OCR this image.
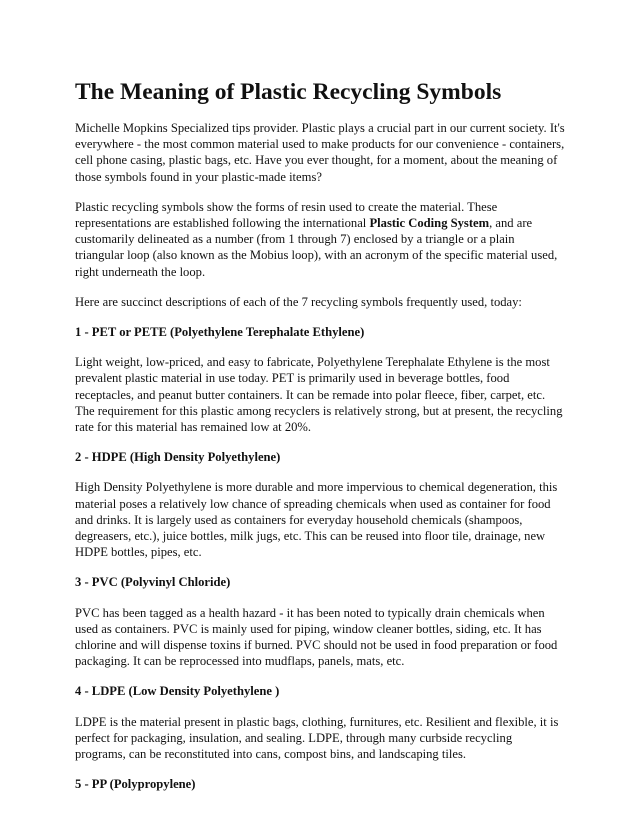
The Meaning of Plastic Recycling Symbols

Michelle Mopkins Specialized tips provider. Plastic plays a crucial part in our current society. It's everywhere - the most common material used to make products for our convenience - containers, cell phone casing, plastic bags, etc. Have you ever thought, for a moment, about the meaning of those symbols found in your plastic-made items?

Plastic recycling symbols show the forms of resin used to create the material. These representations are established following the international Plastic Coding System, and are customarily delineated as a number (from 1 through 7) enclosed by a triangle or a plain triangular loop (also known as the Mobius loop), with an acronym of the specific material used, right underneath the loop.

Here are succinct descriptions of each of the 7 recycling symbols frequently used, today:

1 - PET or PETE (Polyethylene Terephalate Ethylene)

Light weight, low-priced, and easy to fabricate, Polyethylene Terephalate Ethylene is the most prevalent plastic material in use today. PET is primarily used in beverage bottles, food receptacles, and peanut butter containers. It can be remade into polar fleece, fiber, carpet, etc. The requirement for this plastic among recyclers is relatively strong, but at present, the recycling rate for this material has remained low at 20%.

2 - HDPE (High Density Polyethylene)

High Density Polyethylene is more durable and more impervious to chemical degeneration, this material poses a relatively low chance of spreading chemicals when used as container for food and drinks. It is largely used as containers for everyday household chemicals (shampoos, degreasers, etc.), juice bottles, milk jugs, etc. This can be reused into floor tile, drainage, new HDPE bottles, pipes, etc.

3 - PVC (Polyvinyl Chloride)

PVC has been tagged as a health hazard - it has been noted to typically drain chemicals when used as containers. PVC is mainly used for piping, window cleaner bottles, siding, etc. It has chlorine and will dispense toxins if burned. PVC should not be used in food preparation or food packaging. It can be reprocessed into mudflaps, panels, mats, etc.

4 - LDPE (Low Density Polyethylene )

LDPE is the material present in plastic bags, clothing, furnitures, etc. Resilient and flexible, it is perfect for packaging, insulation, and sealing. LDPE, through many curbside recycling programs, can be reconstituted into cans, compost bins, and landscaping tiles.

5 - PP (Polypropylene)
